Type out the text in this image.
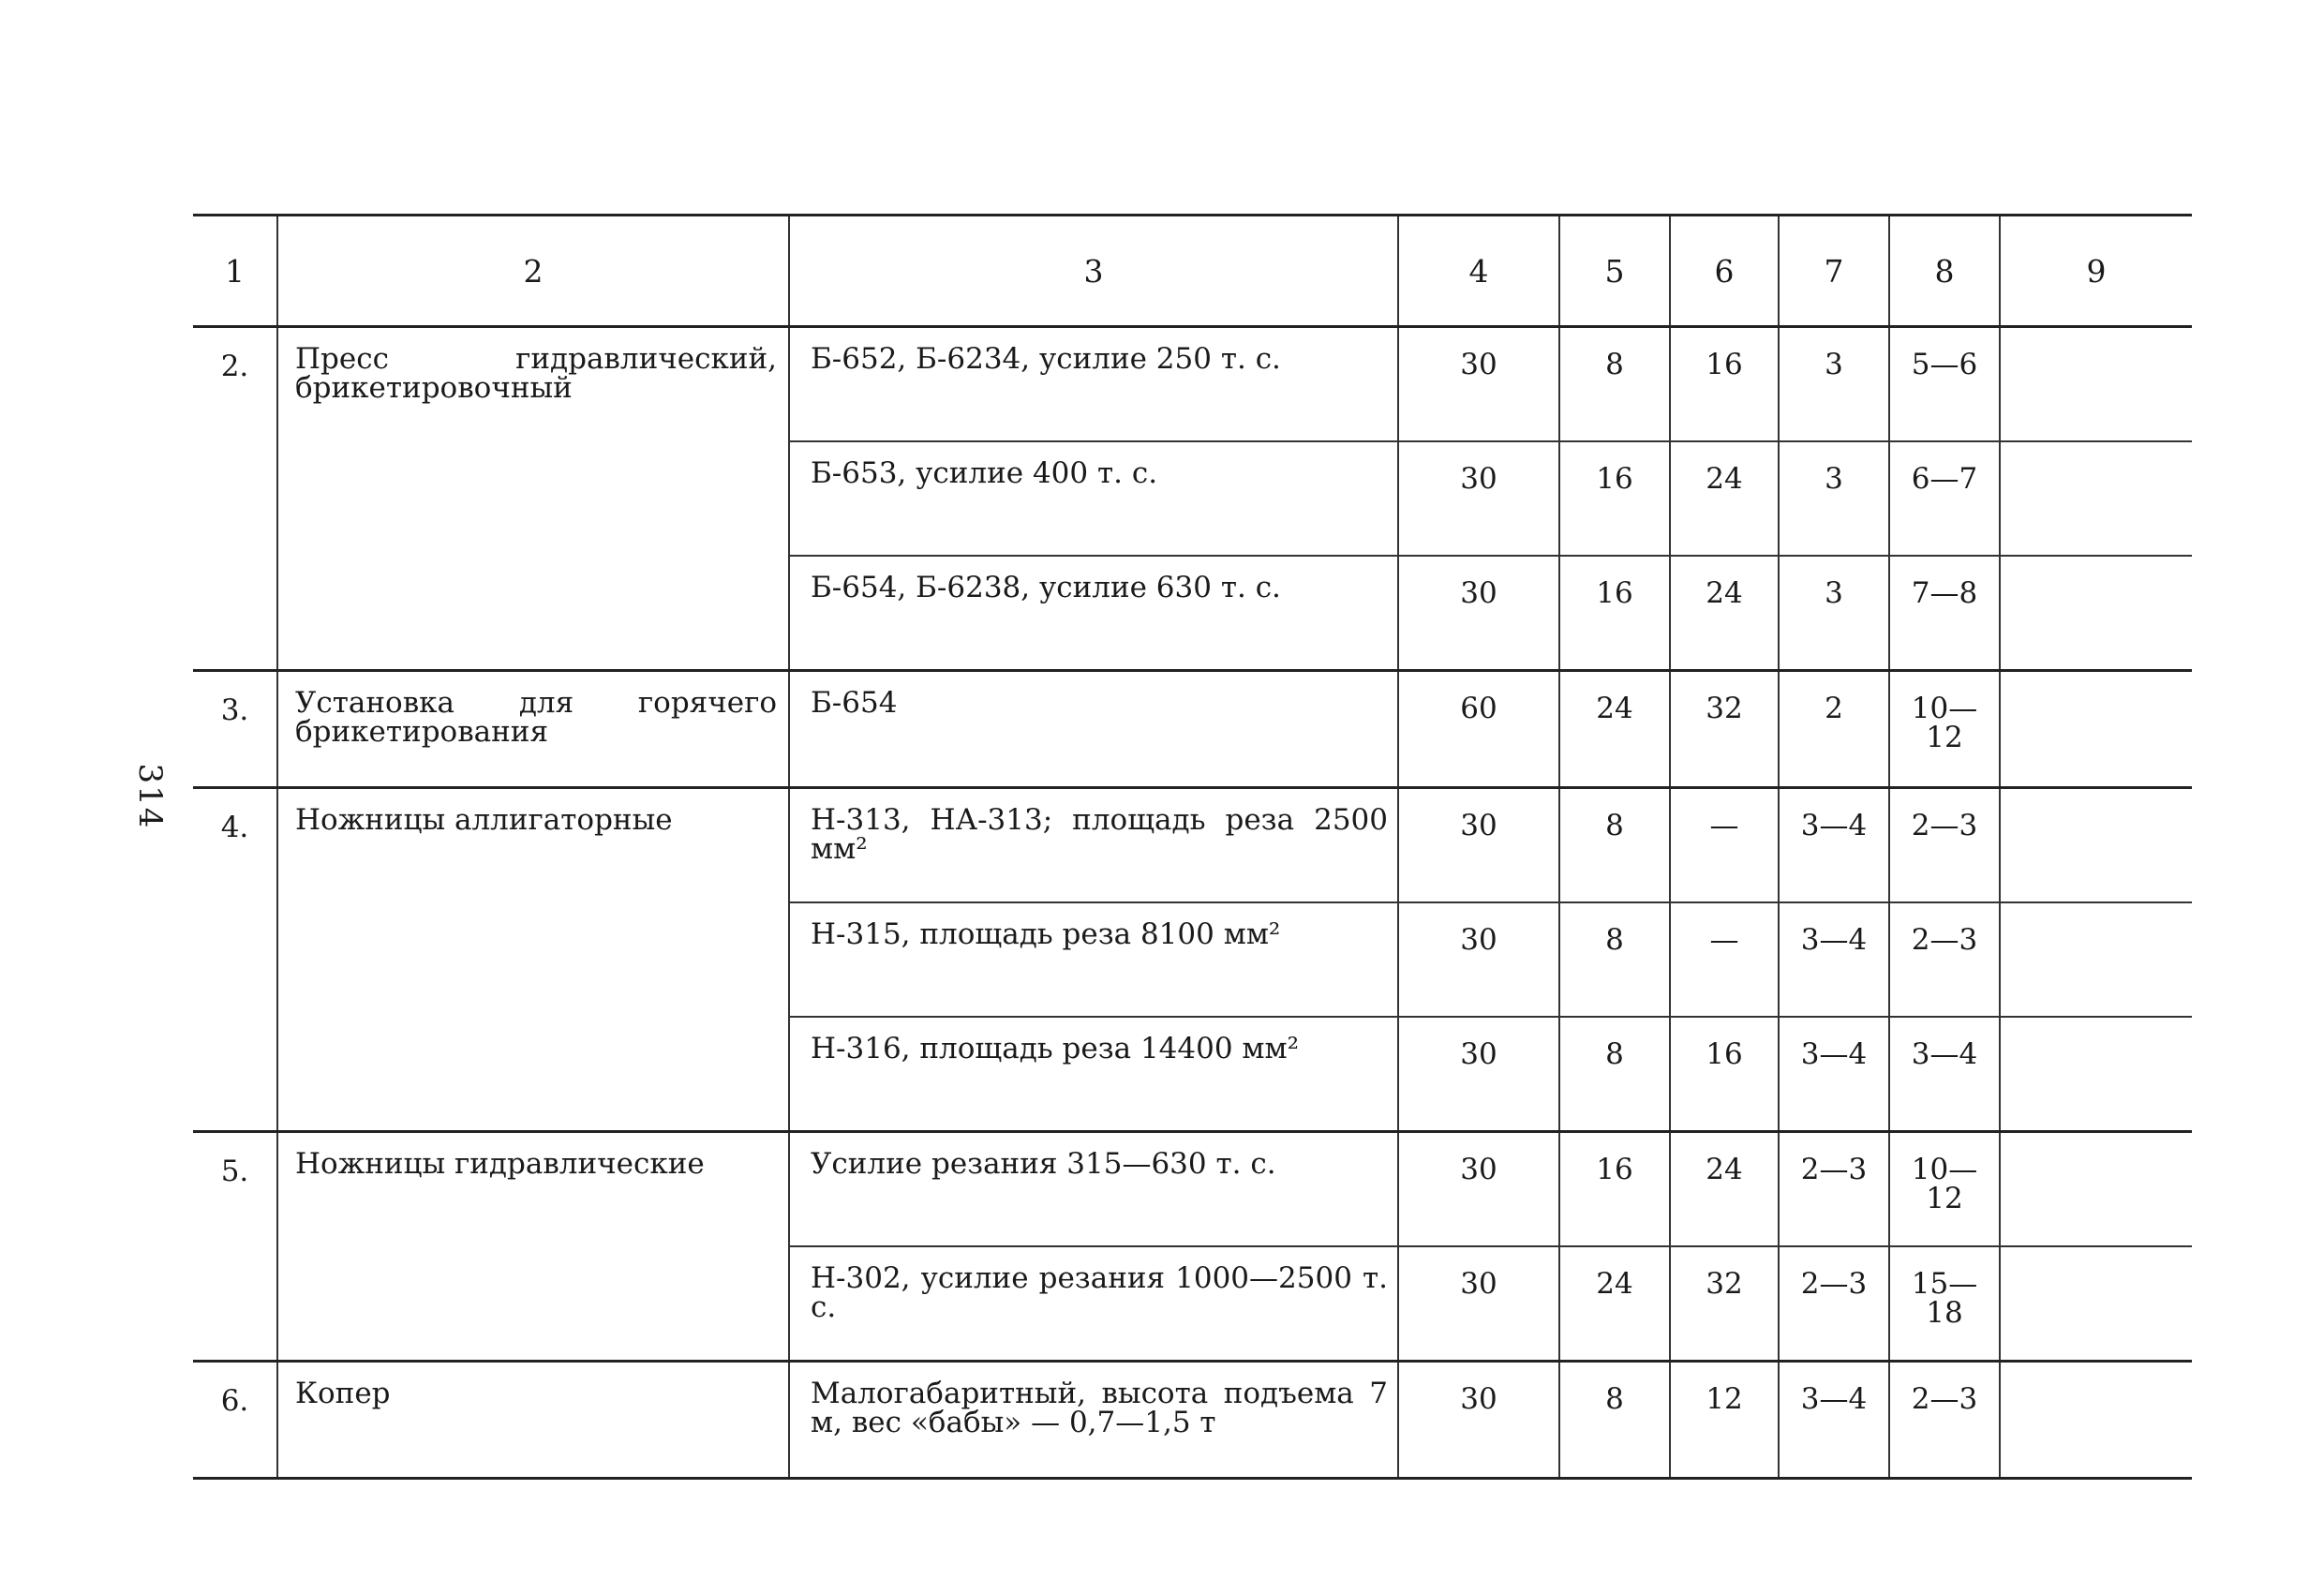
314
1	2	3	4	5	6	7	8	9
2.	Пресс гидравлический, брикетировочный	Б-652, Б-6234, усилие 250 т. с.	30	8	16	3	5—6	
		Б-653, усилие 400 т. с.	30	16	24	3	6—7	
		Б-654, Б-6238, усилие 630 т. с.	30	16	24	3	7—8	
3.	Установка для горячего брикетирования	Б-654	60	24	32	2	10—12	
4.	Ножницы аллигаторные	Н-313, НА-313; площадь реза 2500 мм²	30	8	—	3—4	2—3	
		Н-315, площадь реза 8100 мм²	30	8	—	3—4	2—3	
		Н-316, площадь реза 14400 мм²	30	8	16	3—4	3—4	
5.	Ножницы гидравлические	Усилие резания 315—630 т. с.	30	16	24	2—3	10—12	
		Н-302, усилие резания 1000—2500 т. с.	30	24	32	2—3	15—18	
6.	Копер	Малогабаритный, высота подъема 7 м, вес «бабы» — 0,7—1,5 т	30	8	12	3—4	2—3	
